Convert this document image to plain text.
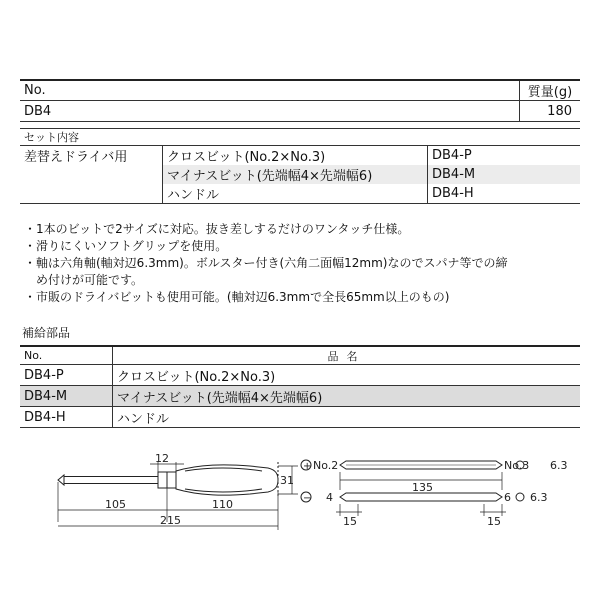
No.	質量(g)
DB4	180
セット内容		
差替えドライバ用	クロスビット(No.2×No.3)	DB4-P
	マイナスビット(先端幅4×先端幅6)	DB4-M
	ハンドル	DB4-H
・1本のビットで2サイズに対応。抜き差しするだけのワンタッチ仕様。
・滑りにくいソフトグリップを使用。
・軸は六角軸(軸対辺6.3mm)。ボルスター付き(六角二面幅12mm)なのでスパナ等での締
　め付けが可能です。
・市販のドライバビットも使用可能。(軸対辺6.3mmで全長65mm以上のもの)
補給部品
No.	品名
DB4-P	クロスビット(No.2×No.3)
DB4-M	マイナスビット(先端幅4×先端幅6)
DB4-H	ハンドル
12
31
105	110
215
+ No.2	No.3 6.3
135
− 4	6 6.3
15	15
